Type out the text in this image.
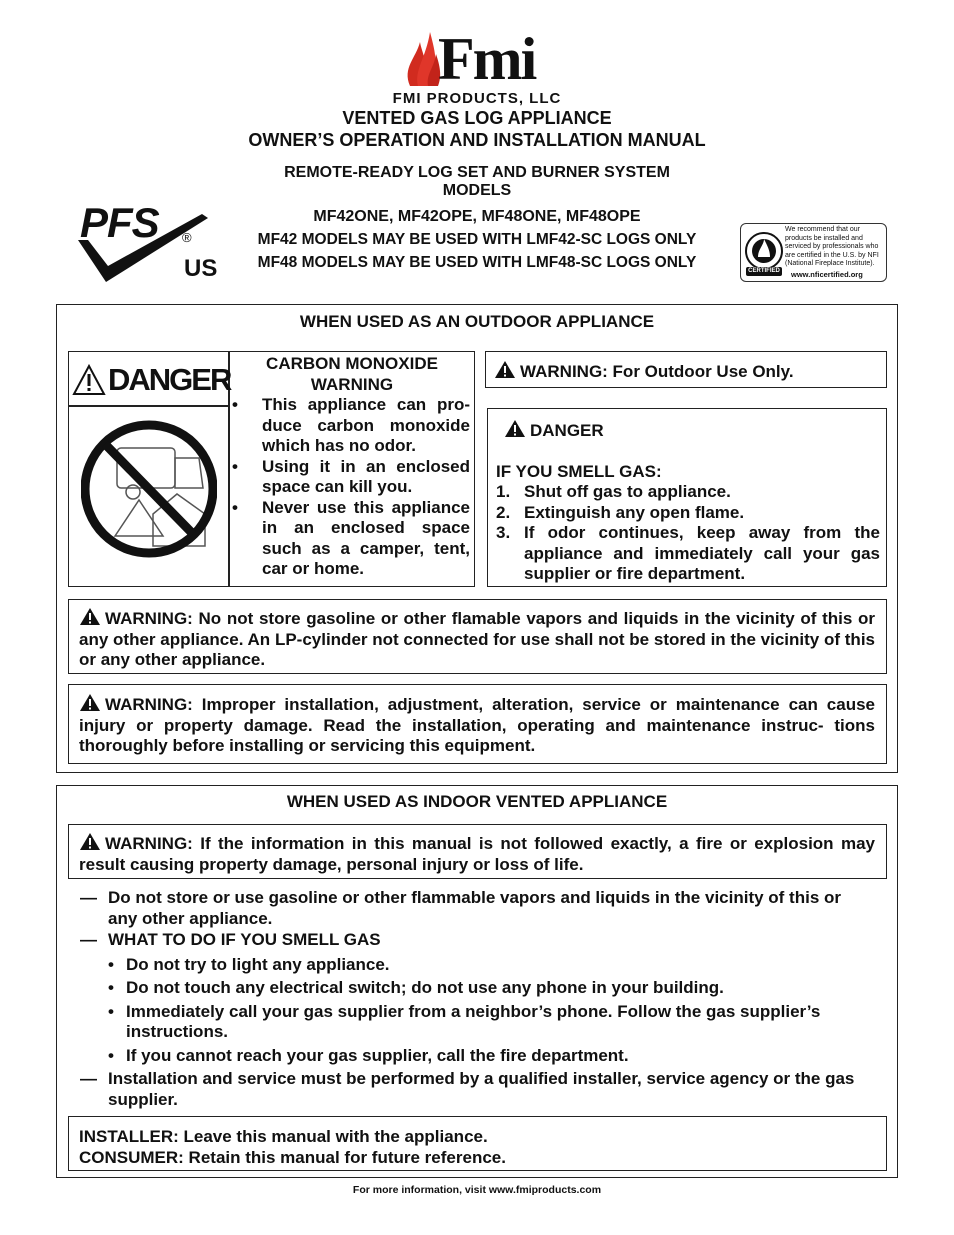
Fmi
FMI PRODUCTS, LLC
VENTED GAS LOG APPLIANCE
OWNER’S OPERATION AND INSTALLATION MANUAL
REMOTE-READY LOG SET AND BURNER SYSTEM
MODELS
MF42ONE, MF42OPE, MF48ONE, MF48OPE
MF42 MODELS MAY BE USED WITH LMF42-SC LOGS ONLY
MF48 MODELS MAY BE USED WITH LMF48-SC LOGS ONLY
PFS ®
US	CERTIFIED
We recommend that our products be installed and serviced by professionals who are certified in the U.S. by NFI (National Fireplace Institute).
www.nficertified.org
WHEN USED AS AN OUTDOOR APPLIANCE
DANGER	CARBON MONOXIDE
WARNING
• This appliance can pro- duce carbon monoxide which has no odor.
• Using it in an enclosed space can kill you.
• Never use this appliance in an enclosed space such as a camper, tent, car or home.
WARNING: For Outdoor Use Only.
DANGER
IF YOU SMELL GAS:
1. Shut off gas to appliance.
2. Extinguish any open flame.
3. If odor continues, keep away from the appliance and immediately call your gas supplier or fire department.
WARNING: No not store gasoline or other flamable vapors and liquids in the vicinity of this or any other appliance. An LP-cylinder not connected for use shall not be stored in the vicinity of this or any other appliance.
WARNING: Improper installation, adjustment, alteration, service or maintenance can cause injury or property damage. Read the installation, operating and maintenance instruc- tions thoroughly before installing or servicing this equipment.
WHEN USED AS INDOOR VENTED APPLIANCE
WARNING: If the information in this manual is not followed exactly, a fire or explosion may result causing property damage, personal injury or loss of life.
— Do not store or use gasoline or other flammable vapors and liquids in the vicinity of this or any other appliance.
— WHAT TO DO IF YOU SMELL GAS
• Do not try to light any appliance.
• Do not touch any electrical switch; do not use any phone in your building.
• Immediately call your gas supplier from a neighbor’s phone. Follow the gas supplier’s instructions.
• If you cannot reach your gas supplier, call the fire department.
— Installation and service must be performed by a qualified installer, service agency or the gas supplier.
INSTALLER: Leave this manual with the appliance.
CONSUMER: Retain this manual for future reference.
For more information, visit www.fmiproducts.com
